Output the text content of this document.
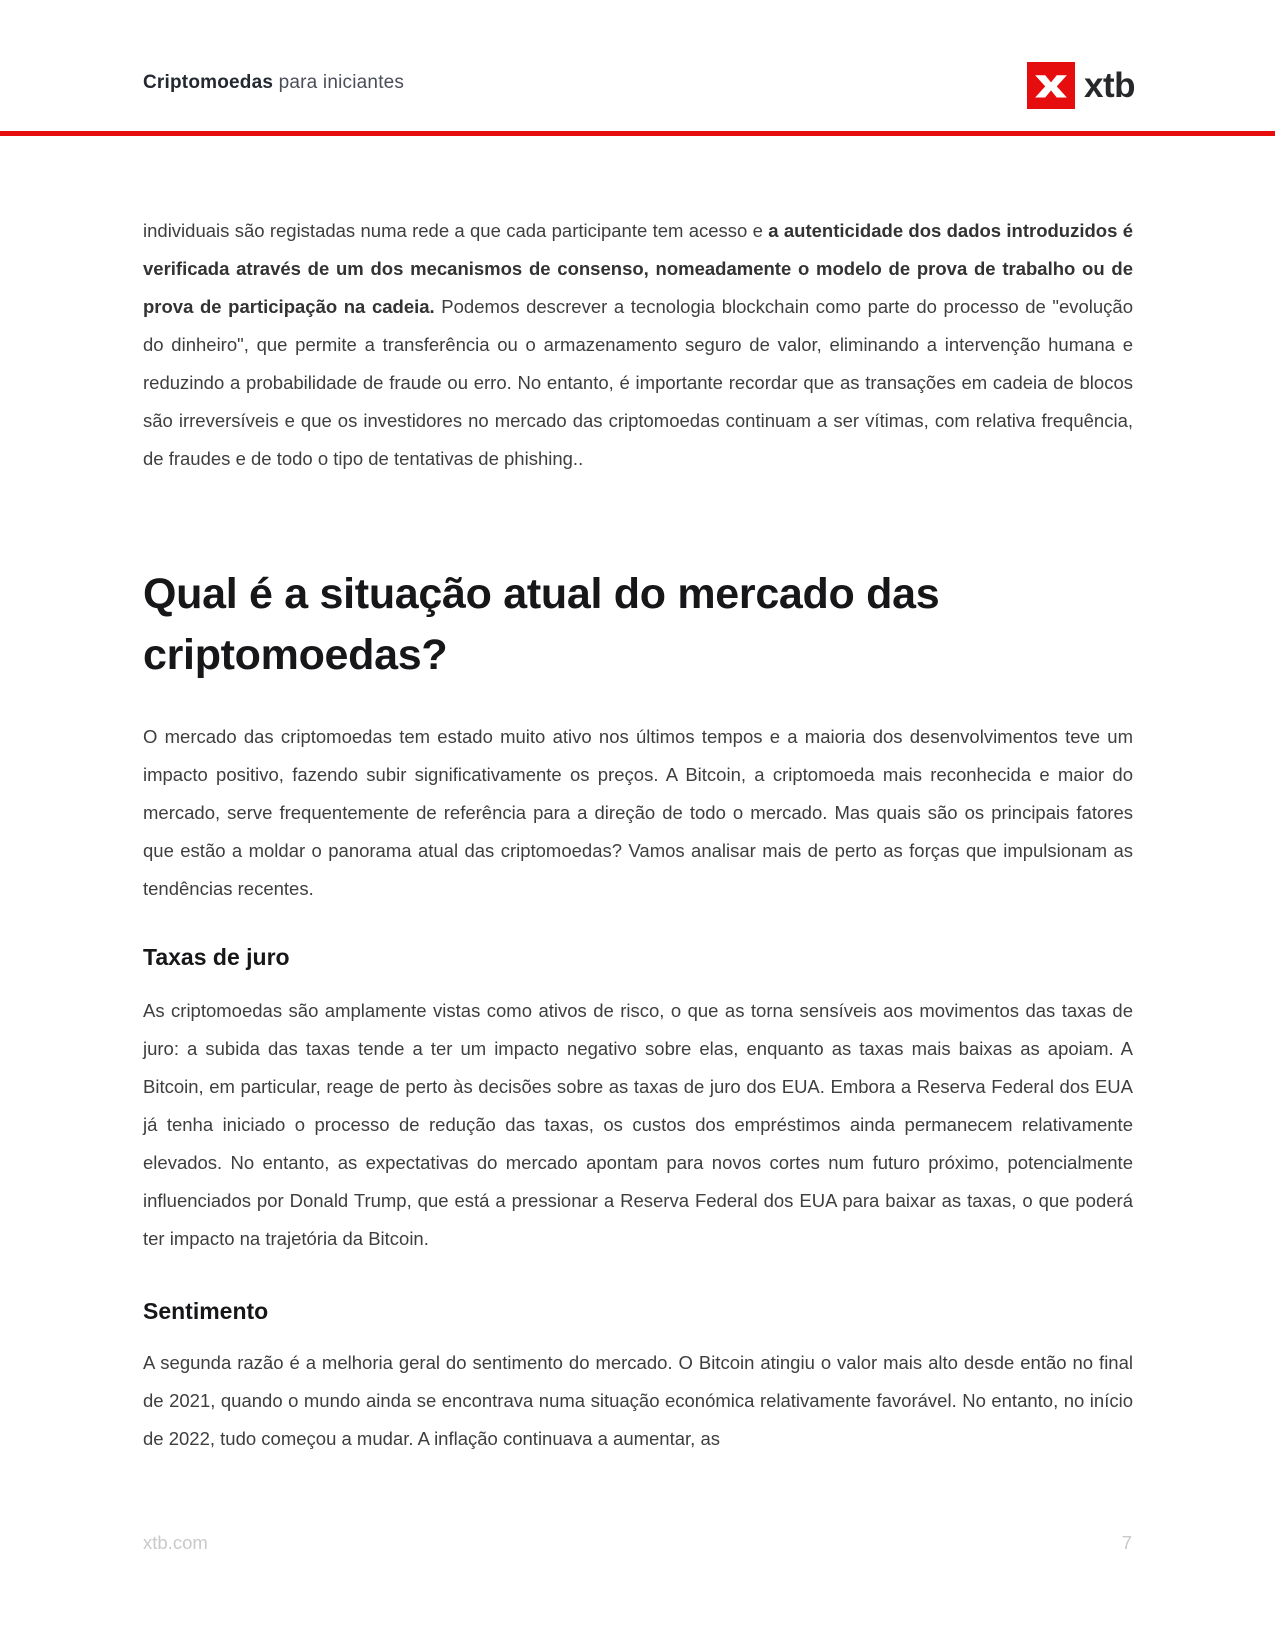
Criptomoedas para iniciantes	xtb

individuais são registadas numa rede a que cada participante tem acesso e a autenticidade dos dados introduzidos é verificada através de um dos mecanismos de consenso, nomeadamente o modelo de prova de trabalho ou de prova de participação na cadeia. Podemos descrever a tecnologia blockchain como parte do processo de "evolução do dinheiro", que permite a transferência ou o armazenamento seguro de valor, eliminando a intervenção humana e reduzindo a probabilidade de fraude ou erro. No entanto, é importante recordar que as transações em cadeia de blocos são irreversíveis e que os investidores no mercado das criptomoedas continuam a ser vítimas, com relativa frequência, de fraudes e de todo o tipo de tentativas de phishing..

Qual é a situação atual do mercado das criptomoedas?

O mercado das criptomoedas tem estado muito ativo nos últimos tempos e a maioria dos desenvolvimentos teve um impacto positivo, fazendo subir significativamente os preços. A Bitcoin, a criptomoeda mais reconhecida e maior do mercado, serve frequentemente de referência para a direção de todo o mercado. Mas quais são os principais fatores que estão a moldar o panorama atual das criptomoedas? Vamos analisar mais de perto as forças que impulsionam as tendências recentes.

Taxas de juro

As criptomoedas são amplamente vistas como ativos de risco, o que as torna sensíveis aos movimentos das taxas de juro: a subida das taxas tende a ter um impacto negativo sobre elas, enquanto as taxas mais baixas as apoiam. A Bitcoin, em particular, reage de perto às decisões sobre as taxas de juro dos EUA. Embora a Reserva Federal dos EUA já tenha iniciado o processo de redução das taxas, os custos dos empréstimos ainda permanecem relativamente elevados. No entanto, as expectativas do mercado apontam para novos cortes num futuro próximo, potencialmente influenciados por Donald Trump, que está a pressionar a Reserva Federal dos EUA para baixar as taxas, o que poderá ter impacto na trajetória da Bitcoin.

Sentimento

A segunda razão é a melhoria geral do sentimento do mercado. O Bitcoin atingiu o valor mais alto desde então no final de 2021, quando o mundo ainda se encontrava numa situação económica relativamente favorável. No entanto, no início de 2022, tudo começou a mudar. A inflação continuava a aumentar, as

xtb.com	7
